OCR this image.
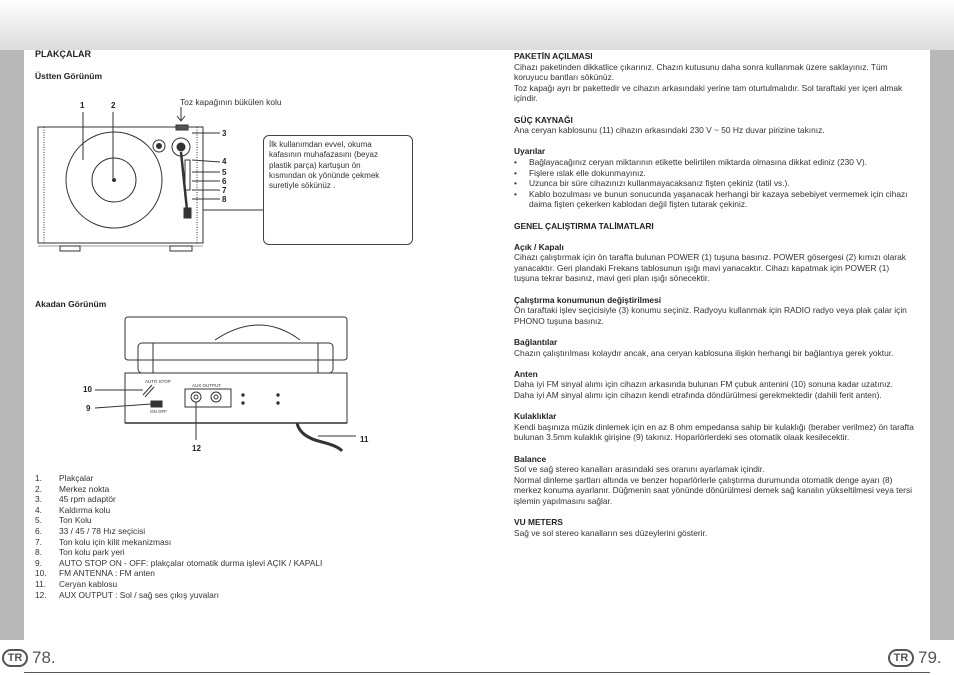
PLAKÇALAR
Üstten Görünüm
Toz kapağının bükülen kolu
1	2
3
4
5
6
7
8
AUTO STOP
ON OFF
AUX OUTPUT
10
9
11
12
İlk kullanımdan evvel, okuma kafasının muhafazasını (beyaz plastik parça) kartuşun ön kısmından ok yönünde çekmek suretiyle sökünüz .
Akadan Görünüm
1.	Plakçalar
2.	Merkez nokta
3.	45 rpm adaptör
4.	Kaldırma kolu
5.	Ton Kolu
6.	33 / 45 / 78 Hız seçicisi
7.	Ton kolu için kilit mekanizması
8.	Ton kolu park yeri
9.	AUTO STOP ON - OFF: plakçalar otomatik durma işlevi AÇIK / KAPALI
10.	FM ANTENNA : FM anten
11.	Ceryan kablosu
12.	AUX OUTPUT : Sol / sağ ses çıkış yuvaları

PAKETİN AÇILMASI

Cihazı paketinden dikkatlice çıkarınız. Chazın kutusunu daha sonra kullanmak üzere saklayınız. Tüm koruyucu bantları sökünüz.

Toz kapağı ayrı br pakettedir ve cihazın arkasındaki yerine tam oturtulmalıdır. Sol taraftaki yer içeri almak içindir.

GÜÇ KAYNAĞI

Ana ceryan kablosunu (11) cihazın arkasındaki 230 V ~ 50 Hz duvar pirizine takınız.

Uyarılar

• Bağlayacağınız ceryan miktarının etikette belirtilen miktarda olmasına dikkat ediniz (230 V).
• Fişlere ıslak elle dokunmayınız.
• Uzunca bir süre cihazınızı kullanmayacaksanız fişten çekiniz (tatil vs.).
• Kablo bozulması ve bunun sonucunda yaşanacak herhangi bir kazaya sebebiyet vermemek için cihazı daima fişten çekerken kablodan değil fişten tutarak çekiniz.

GENEL ÇALIŞTIRMA TALİMATLARI

Açık / Kapalı

Cihazı çalıştırmak için ön tarafta bulunan POWER (1) tuşuna basınız. POWER gösergesi (2) kımızı olarak yanacaktır. Geri plandaki Frekans tablosunun ışığı mavi yanacaktır. Cihazı kapatmak için POWER (1) tuşuna tekrar basınız, mavi geri plan ışığı sönecektir.

Çalıştırma konumunun değiştirilmesi

Ön taraftaki işlev seçicisiyle (3) konumu seçiniz. Radyoyu kullanmak için RADIO radyo veya plak çalar için PHONO tuşuna basınız.

Bağlantılar

Chazın çalıştırılması kolaydır ancak, ana ceryan kablosuna ilişkin herhangi bir bağlantıya gerek yoktur.

Anten

Daha iyi FM sinyal alımı için cihazın arkasında bulunan FM çubuk antenini (10) sonuna kadar uzatınız.

Daha iyi AM sinyal alımı için cihazın kendi etrafında döndürülmesi gerekmektedir (dahili ferit anten).

Kulaklıklar

Kendi başınıza müzik dinlemek için en az 8 ohm empedansa sahip bir kulaklığı (beraber verilmez) ön tarafta bulunan 3.5mm kulaklık girişine (9) takınız. Hoparlörlerdeki ses otomatik olaak kesilecektir.

Balance

Sol ve sağ stereo kanalları arasındaki ses oranını ayarlamak içindir.

Normal dinleme şartları altında ve benzer hoparlörlerle çalıştırma durumunda otomatik denge ayarı (8) merkez konuma ayarlanır. Düğmenin saat yönünde dönürülmesi demek sağ kanalın yükseltilmesi veya tersi işlemin yapılmasını sağlar.

VU METERS

Sağ ve sol stereo kanalların ses düzeylerini gösterir.

TR 78.	TR 79.
